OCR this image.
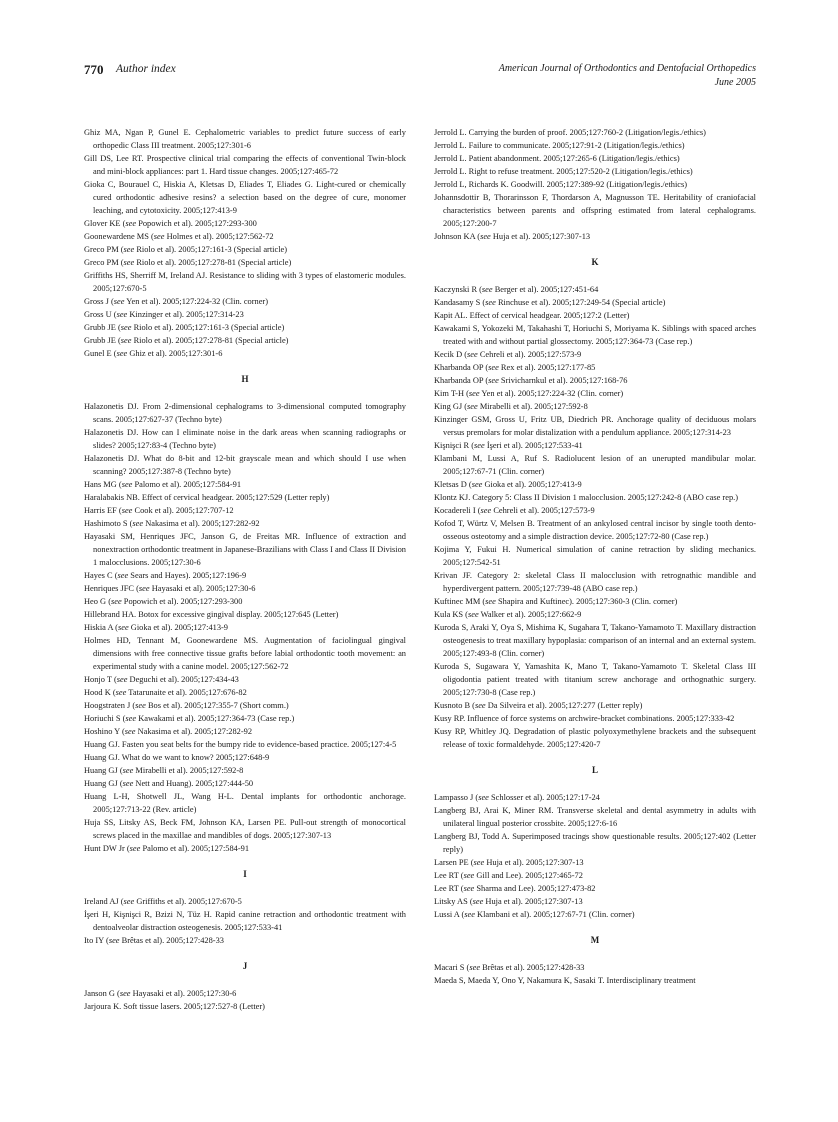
770 Author index	American Journal of Orthodontics and Dentofacial Orthopedics
June 2005

Ghiz MA, Ngan P, Gunel E. Cephalometric variables to predict future success of early orthopedic Class III treatment. 2005;127:301-6

Gill DS, Lee RT. Prospective clinical trial comparing the effects of conventional Twin-block and mini-block appliances: part 1. Hard tissue changes. 2005;127:465-72

Gioka C, Bourauel C, Hiskia A, Kletsas D, Eliades T, Eliades G. Light-cured or chemically cured orthodontic adhesive resins? a selection based on the degree of cure, monomer leaching, and cytotoxicity. 2005;127:413-9

Glover KE (see Popowich et al). 2005;127:293-300

Goonewardene MS (see Holmes et al). 2005;127:562-72

Greco PM (see Riolo et al). 2005;127:161-3 (Special article)

Greco PM (see Riolo et al). 2005;127:278-81 (Special article)

Griffiths HS, Sherriff M, Ireland AJ. Resistance to sliding with 3 types of elastomeric modules. 2005;127:670-5

Gross J (see Yen et al). 2005;127:224-32 (Clin. corner)

Gross U (see Kinzinger et al). 2005;127:314-23

Grubb JE (see Riolo et al). 2005;127:161-3 (Special article)

Grubb JE (see Riolo et al). 2005;127:278-81 (Special article)

Gunel E (see Ghiz et al). 2005;127:301-6

H

Halazonetis DJ. From 2-dimensional cephalograms to 3-dimensional computed tomography scans. 2005;127:627-37 (Techno byte)

Halazonetis DJ. How can I eliminate noise in the dark areas when scanning radiographs or slides? 2005;127:83-4 (Techno byte)

Halazonetis DJ. What do 8-bit and 12-bit grayscale mean and which should I use when scanning? 2005;127:387-8 (Techno byte)

Hans MG (see Palomo et al). 2005;127:584-91

Haralabakis NB. Effect of cervical headgear. 2005;127:529 (Letter reply)

Harris EF (see Cook et al). 2005;127:707-12

Hashimoto S (see Nakasima et al). 2005;127:282-92

Hayasaki SM, Henriques JFC, Janson G, de Freitas MR. Influence of extraction and nonextraction orthodontic treatment in Japanese-Brazilians with Class I and Class II Division 1 malocclusions. 2005;127:30-6

Hayes C (see Sears and Hayes). 2005;127:196-9

Henriques JFC (see Hayasaki et al). 2005;127:30-6

Heo G (see Popowich et al). 2005;127:293-300

Hillebrand HA. Botox for excessive gingival display. 2005;127:645 (Letter)

Hiskia A (see Gioka et al). 2005;127:413-9

Holmes HD, Tennant M, Goonewardene MS. Augmentation of faciolingual gingival dimensions with free connective tissue grafts before labial orthodontic tooth movement: an experimental study with a canine model. 2005;127:562-72

Honjo T (see Deguchi et al). 2005;127:434-43

Hood K (see Tatarunaite et al). 2005;127:676-82

Hoogstraten J (see Bos et al). 2005;127:355-7 (Short comm.)

Horiuchi S (see Kawakami et al). 2005;127:364-73 (Case rep.)

Hoshino Y (see Nakasima et al). 2005;127:282-92

Huang GJ. Fasten you seat belts for the bumpy ride to evidence-based practice. 2005;127:4-5

Huang GJ. What do we want to know? 2005;127:648-9

Huang GJ (see Mirabelli et al). 2005;127:592-8

Huang GJ (see Nett and Huang). 2005;127:444-50

Huang L-H, Shotwell JL, Wang H-L. Dental implants for orthodontic anchorage. 2005;127:713-22 (Rev. article)

Huja SS, Litsky AS, Beck FM, Johnson KA, Larsen PE. Pull-out strength of monocortical screws placed in the maxillae and mandibles of dogs. 2005;127:307-13

Hunt DW Jr (see Palomo et al). 2005;127:584-91

I

Ireland AJ (see Griffiths et al). 2005;127:670-5

İşeri H, Kişnişci R, Bzizi N, Tüz H. Rapid canine retraction and orthodontic treatment with dentoalveolar distraction osteogenesis. 2005;127:533-41

Ito IY (see Brêtas et al). 2005;127:428-33

J

Janson G (see Hayasaki et al). 2005;127:30-6

Jarjoura K. Soft tissue lasers. 2005;127:527-8 (Letter)

Jerrold L. Carrying the burden of proof. 2005;127:760-2 (Litigation/legis./ethics)

Jerrold L. Failure to communicate. 2005;127:91-2 (Litigation/legis./ethics)

Jerrold L. Patient abandonment. 2005;127:265-6 (Litigation/legis./ethics)

Jerrold L. Right to refuse treatment. 2005;127:520-2 (Litigation/legis./ethics)

Jerrold L, Richards K. Goodwill. 2005;127:389-92 (Litigation/legis./ethics)

Johannsdottir B, Thorarinsson F, Thordarson A, Magnusson TE. Heritability of craniofacial characteristics between parents and offspring estimated from lateral cephalograms. 2005;127:200-7

Johnson KA (see Huja et al). 2005;127:307-13

K

Kaczynski R (see Berger et al). 2005;127:451-64

Kandasamy S (see Rinchuse et al). 2005;127:249-54 (Special article)

Kapit AL. Effect of cervical headgear. 2005;127:2 (Letter)

Kawakami S, Yokozeki M, Takahashi T, Horiuchi S, Moriyama K. Siblings with spaced arches treated with and without partial glossectomy. 2005;127:364-73 (Case rep.)

Kecik D (see Cehreli et al). 2005;127:573-9

Kharbanda OP (see Rex et al). 2005;127:177-85

Kharbanda OP (see Srivicharnkul et al). 2005;127:168-76

Kim T-H (see Yen et al). 2005;127:224-32 (Clin. corner)

King GJ (see Mirabelli et al). 2005;127:592-8

Kinzinger GSM, Gross U, Fritz UB, Diedrich PR. Anchorage quality of deciduous molars versus premolars for molar distalization with a pendulum appliance. 2005;127:314-23

Kişnişci R (see İşeri et al). 2005;127:533-41

Klambani M, Lussi A, Ruf S. Radiolucent lesion of an unerupted mandibular molar. 2005;127:67-71 (Clin. corner)

Kletsas D (see Gioka et al). 2005;127:413-9

Klontz KJ. Category 5: Class II Division 1 malocclusion. 2005;127:242-8 (ABO case rep.)

Kocadereli I (see Cehreli et al). 2005;127:573-9

Kofod T, Würtz V, Melsen B. Treatment of an ankylosed central incisor by single tooth dento-osseous osteotomy and a simple distraction device. 2005;127:72-80 (Case rep.)

Kojima Y, Fukui H. Numerical simulation of canine retraction by sliding mechanics. 2005;127:542-51

Krivan JF. Category 2: skeletal Class II malocclusion with retrognathic mandible and hyperdivergent pattern. 2005;127:739-48 (ABO case rep.)

Kuftinec MM (see Shapira and Kuftinec). 2005;127:360-3 (Clin. corner)

Kula KS (see Walker et al). 2005;127:662-9

Kuroda S, Araki Y, Oya S, Mishima K, Sugahara T, Takano-Yamamoto T. Maxillary distraction osteogenesis to treat maxillary hypoplasia: comparison of an internal and an external system. 2005;127:493-8 (Clin. corner)

Kuroda S, Sugawara Y, Yamashita K, Mano T, Takano-Yamamoto T. Skeletal Class III oligodontia patient treated with titanium screw anchorage and orthognathic surgery. 2005;127:730-8 (Case rep.)

Kusnoto B (see Da Silveira et al). 2005;127:277 (Letter reply)

Kusy RP. Influence of force systems on archwire-bracket combinations. 2005;127:333-42

Kusy RP, Whitley JQ. Degradation of plastic polyoxymethylene brackets and the subsequent release of toxic formaldehyde. 2005;127:420-7

L

Lampasso J (see Schlosser et al). 2005;127:17-24

Langberg BJ, Arai K, Miner RM. Transverse skeletal and dental asymmetry in adults with unilateral lingual posterior crossbite. 2005;127:6-16

Langberg BJ, Todd A. Superimposed tracings show questionable results. 2005;127:402 (Letter reply)

Larsen PE (see Huja et al). 2005;127:307-13

Lee RT (see Gill and Lee). 2005;127:465-72

Lee RT (see Sharma and Lee). 2005;127:473-82

Litsky AS (see Huja et al). 2005;127:307-13

Lussi A (see Klambani et al). 2005;127:67-71 (Clin. corner)

M

Macari S (see Brêtas et al). 2005;127:428-33

Maeda S, Maeda Y, Ono Y, Nakamura K, Sasaki T. Interdisciplinary treatment
